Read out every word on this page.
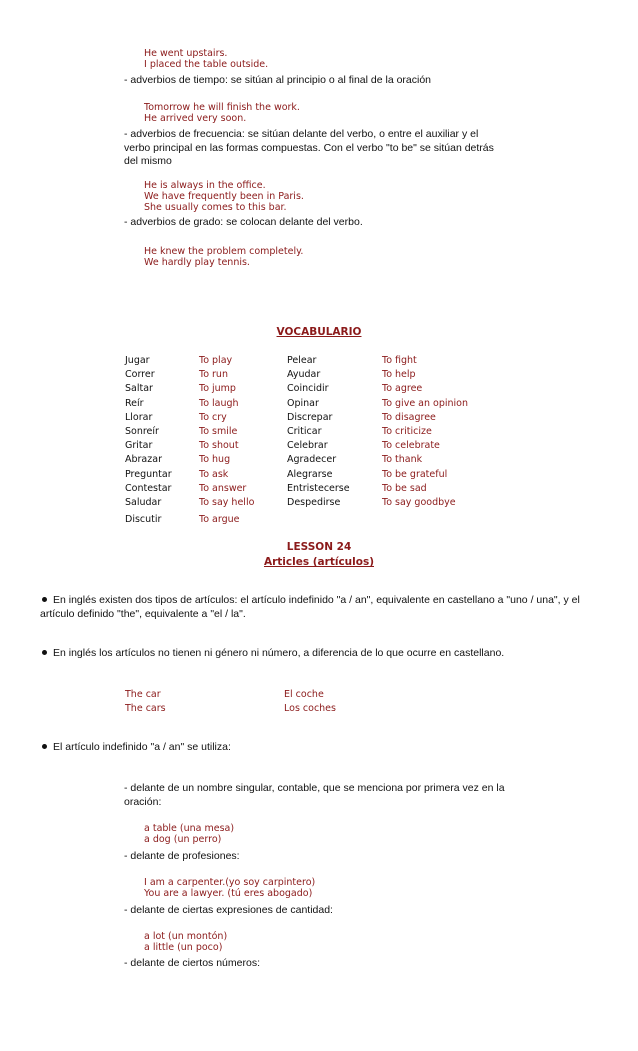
He went upstairs.
I placed the table outside.
- adverbios de tiempo: se sitúan al principio o al final de la oración
Tomorrow he will finish the work.
He arrived very soon.
- adverbios de frecuencia: se sitúan delante del verbo, o entre el auxiliar y el verbo principal en las formas compuestas. Con el verbo "to be" se sitúan detrás del mismo
He is always in the office.
We have frequently been in Paris.
She usually comes to this bar.
- adverbios de grado: se colocan delante del verbo.
He knew the problem completely.
We hardly play tennis.
VOCABULARIO
Jugar
Correr
Saltar
Reír
Llorar
Sonreír
Gritar
Abrazar
Preguntar
Contestar
Saludar
Discutir
To play
To run
To jump
To laugh
To cry
To smile
To shout
To hug
To ask
To answer
To say hello
To argue
Pelear
Ayudar
Coincidir
Opinar
Discrepar
Criticar
Celebrar
Agradecer
Alegrarse
Entristecerse
Despedirse
To fight
To help
To agree
To give an opinion
To disagree
To criticize
To celebrate
To thank
To be grateful
To be sad
To say goodbye
LESSON 24
Articles (artículos)
En inglés existen dos tipos de artículos: el artículo indefinido "a / an", equivalente en castellano a "uno / una", y el artículo definido "the", equivalente a "el / la".
En inglés los artículos no tienen ni género ni número, a diferencia de lo que ocurre en castellano.
The car
The cars
El coche
Los coches
El artículo indefinido "a / an" se utiliza:
- delante de un nombre singular, contable, que se menciona por primera vez en la oración:
a table (una mesa)
a dog (un perro)
- delante de profesiones:
I am a carpenter.(yo soy carpintero)
You are a lawyer. (tú eres abogado)
- delante de ciertas expresiones de cantidad:
a lot (un montón)
a little (un poco)
- delante de ciertos números:
